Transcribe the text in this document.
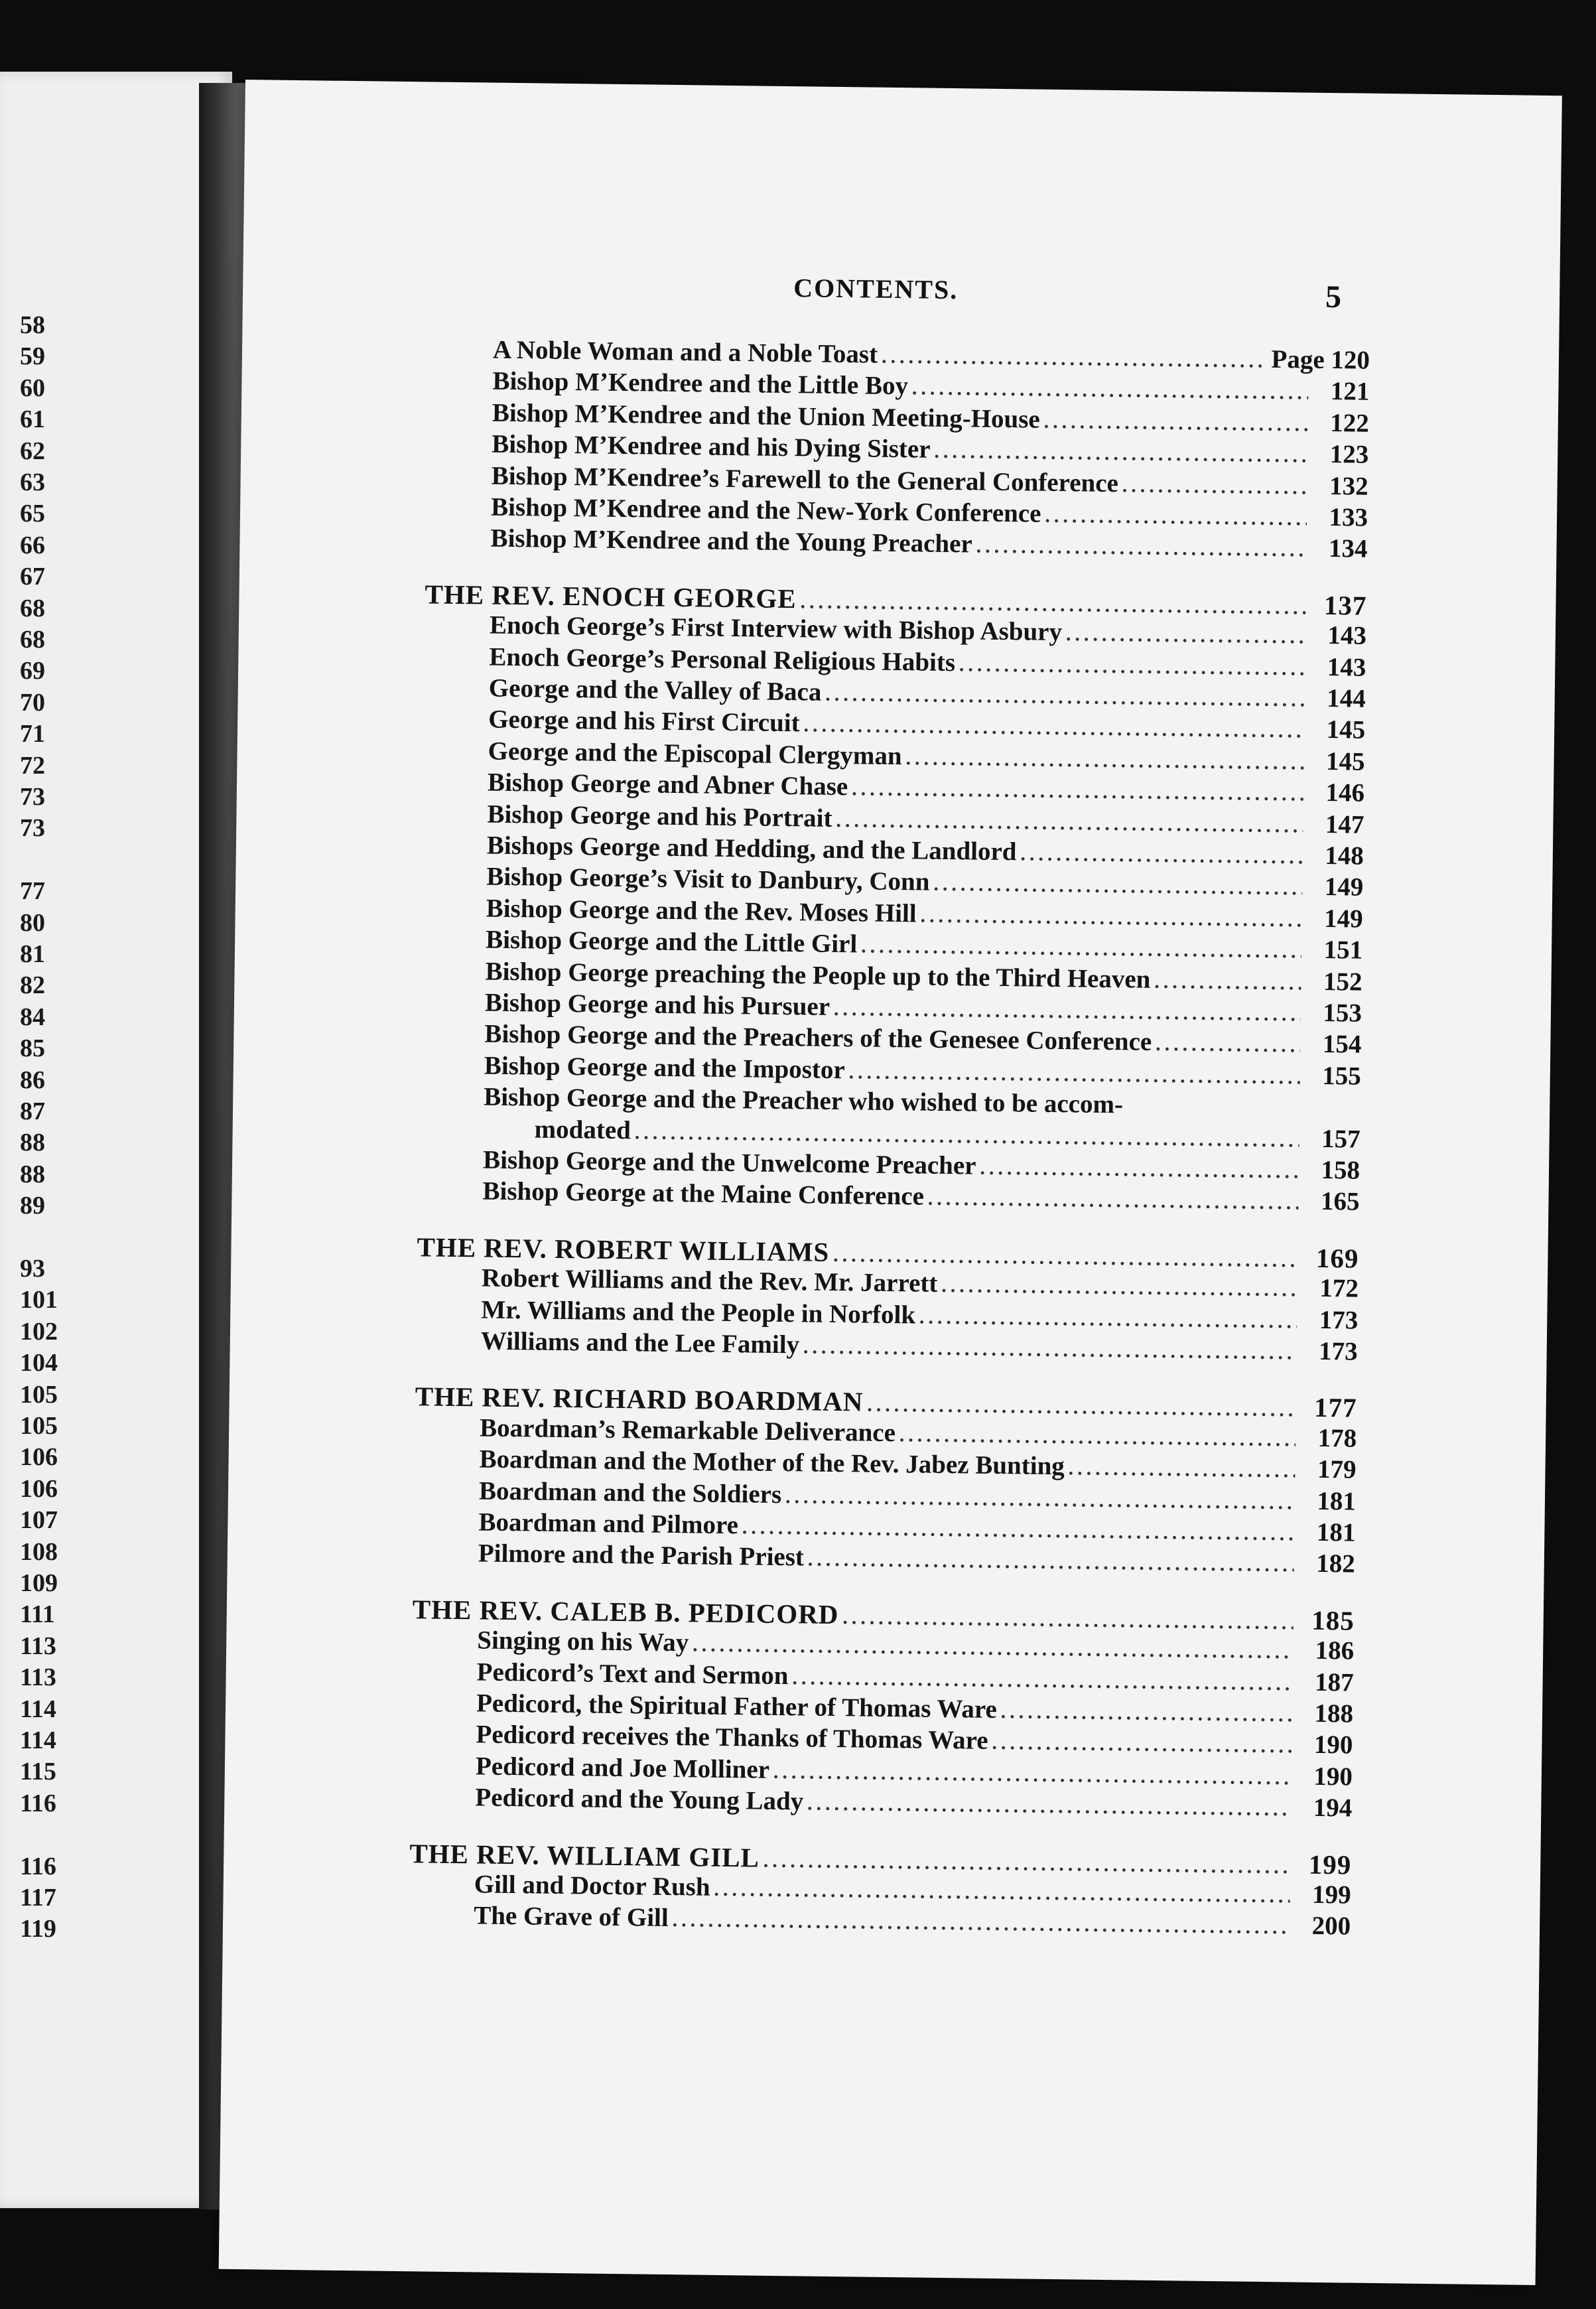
58
59
60
61
62
63
65
66
67
68
68
69
70
71
72
73
73
77
80
81
82
84
85
86
87
88
88
89
93
101
102
104
105
105
106
106
107
108
109
111
113
113
114
114
115
116
116
117
119
CONTENTS.	5
A Noble Woman and a Noble Toast .....	Page 120
Bishop M’Kendree and the Little Boy .....	121
Bishop M’Kendree and the Union Meeting-House .....	122
Bishop M’Kendree and his Dying Sister .....	123
Bishop M’Kendree’s Farewell to the General Conference .....	132
Bishop M’Kendree and the New-York Conference .....	133
Bishop M’Kendree and the Young Preacher .....	134
THE REV. ENOCH GEORGE .....	137
Enoch George’s First Interview with Bishop Asbury .....	143
Enoch George’s Personal Religious Habits .....	143
George and the Valley of Baca .....	144
George and his First Circuit .....	145
George and the Episcopal Clergyman .....	145
Bishop George and Abner Chase .....	146
Bishop George and his Portrait .....	147
Bishops George and Hedding, and the Landlord .....	148
Bishop George’s Visit to Danbury, Conn .....	149
Bishop George and the Rev. Moses Hill .....	149
Bishop George and the Little Girl .....	151
Bishop George preaching the People up to the Third Heaven .....	152
Bishop George and his Pursuer .....	153
Bishop George and the Preachers of the Genesee Conference .....	154
Bishop George and the Impostor .....	155
Bishop George and the Preacher who wished to be accom-
modated .....	157
Bishop George and the Unwelcome Preacher .....	158
Bishop George at the Maine Conference .....	165
THE REV. ROBERT WILLIAMS .....	169
Robert Williams and the Rev. Mr. Jarrett .....	172
Mr. Williams and the People in Norfolk .....	173
Williams and the Lee Family .....	173
THE REV. RICHARD BOARDMAN .....	177
Boardman’s Remarkable Deliverance .....	178
Boardman and the Mother of the Rev. Jabez Bunting .....	179
Boardman and the Soldiers .....	181
Boardman and Pilmore .....	181
Pilmore and the Parish Priest .....	182
THE REV. CALEB B. PEDICORD .....	185
Singing on his Way .....	186
Pedicord’s Text and Sermon .....	187
Pedicord, the Spiritual Father of Thomas Ware .....	188
Pedicord receives the Thanks of Thomas Ware .....	190
Pedicord and Joe Molliner .....	190
Pedicord and the Young Lady .....	194
THE REV. WILLIAM GILL .....	199
Gill and Doctor Rush .....	199
The Grave of Gill .....	200
